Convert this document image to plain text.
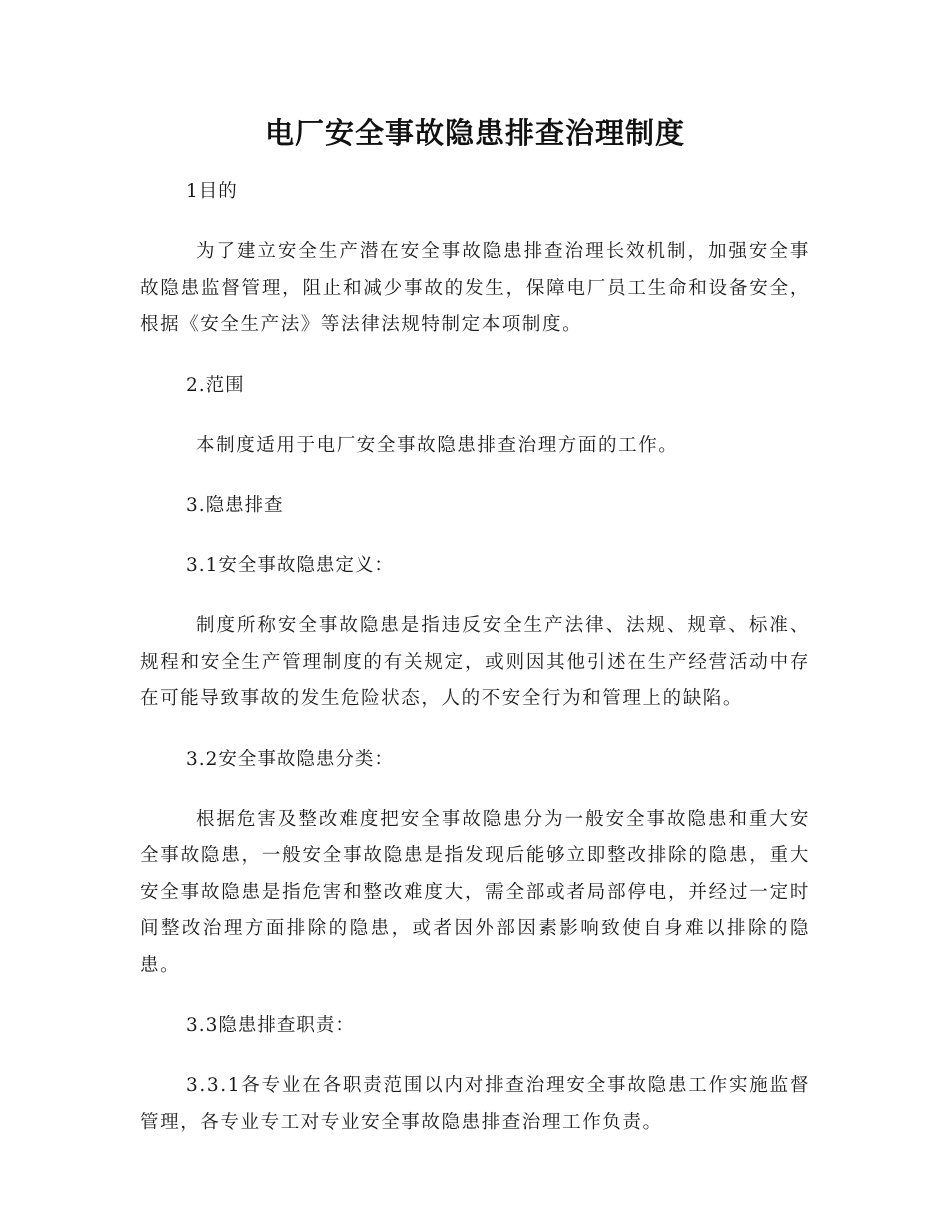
电厂安全事故隐患排查治理制度
1目的

为了建立安全生产潜在安全事故隐患排查治理长效机制，加强安全事故隐患监督管理，阻止和减少事故的发生，保障电厂员工生命和设备安全，根据《安全生产法》等法律法规特制定本项制度。

2.范围

本制度适用于电厂安全事故隐患排查治理方面的工作。

3.隐患排查
3.1安全事故隐患定义：

制度所称安全事故隐患是指违反安全生产法律、法规、规章、标准、规程和安全生产管理制度的有关规定，或则因其他引述在生产经营活动中存在可能导致事故的发生危险状态，人的不安全行为和管理上的缺陷。

3.2安全事故隐患分类：

根据危害及整改难度把安全事故隐患分为一般安全事故隐患和重大安全事故隐患，一般安全事故隐患是指发现后能够立即整改排除的隐患，重大安全事故隐患是指危害和整改难度大，需全部或者局部停电，并经过一定时间整改治理方面排除的隐患，或者因外部因素影响致使自身难以排除的隐患。

3.3隐患排查职责：

3.3.1各专业在各职责范围以内对排查治理安全事故隐患工作实施监督管理，各专业专工对专业安全事故隐患排查治理工作负责。
